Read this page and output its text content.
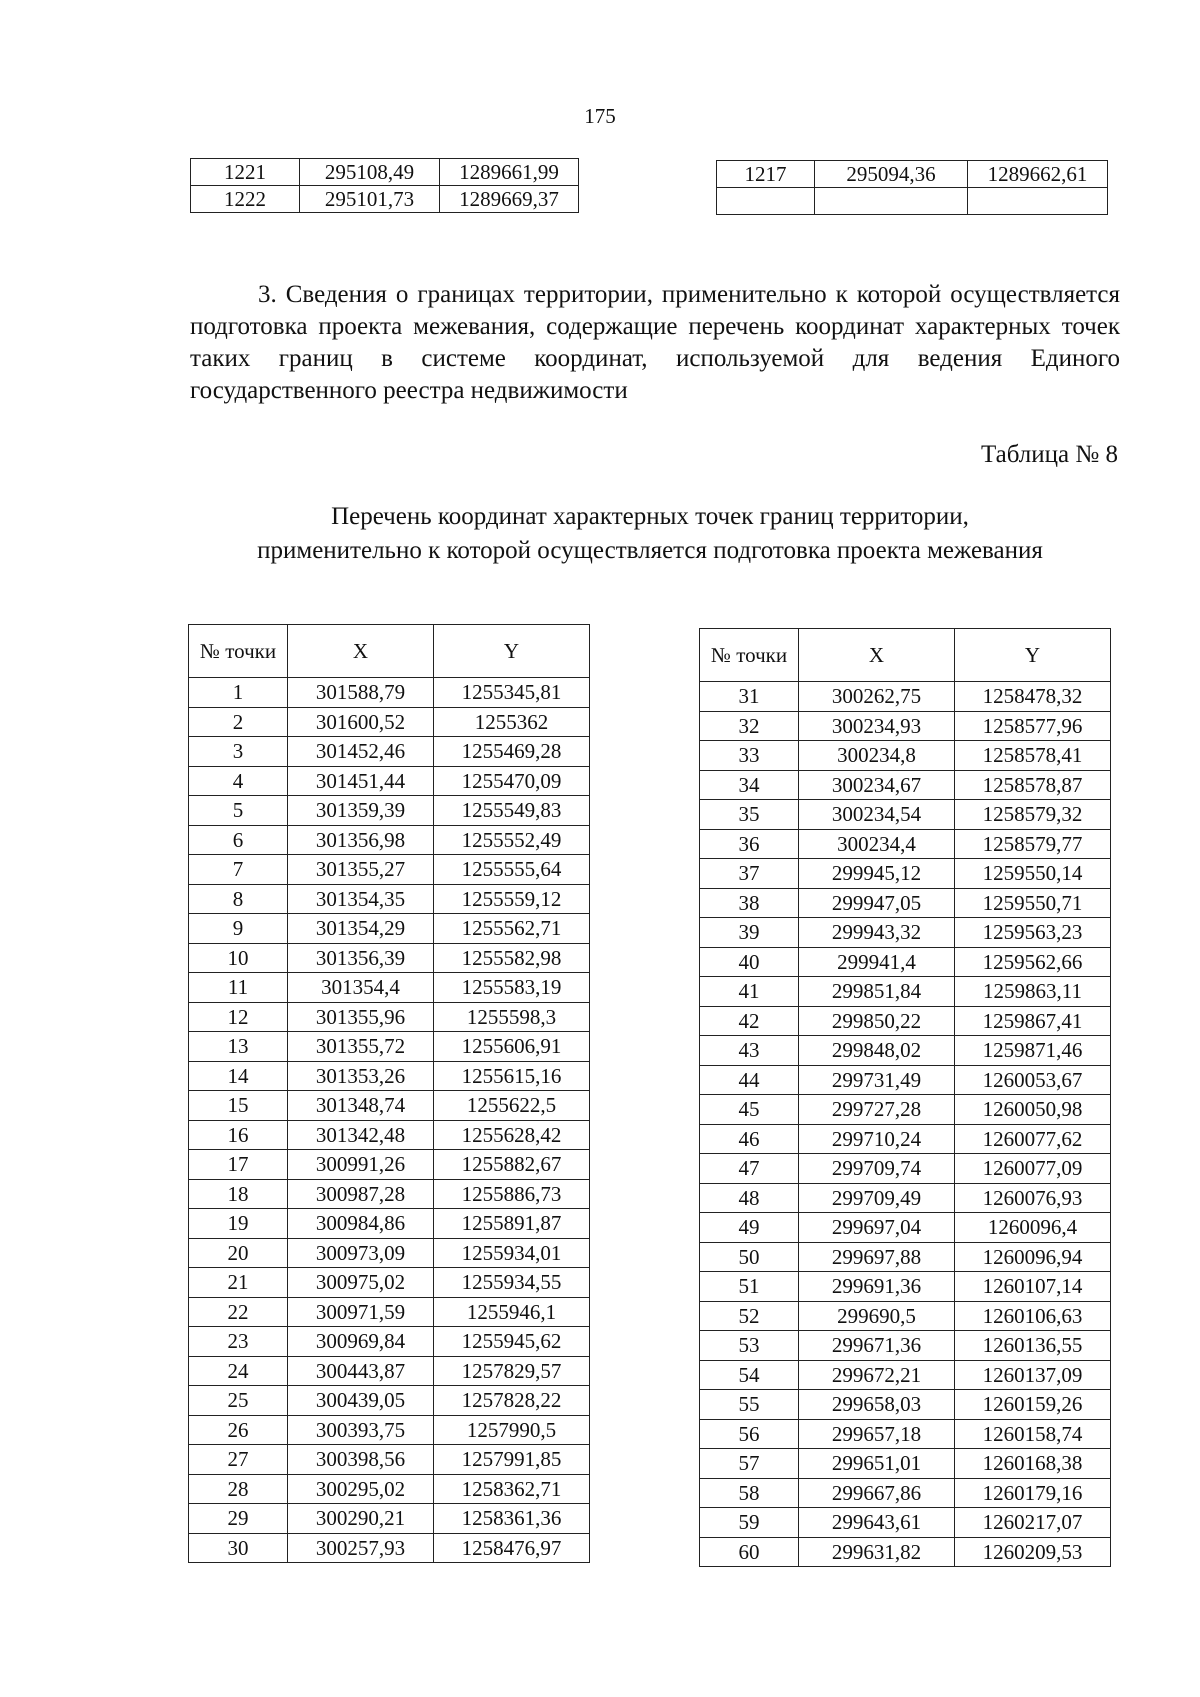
175
1221	295108,49	1289661,99
1222	295101,73	1289669,37
1217	295094,36	1289662,61

3. Сведения о границах территории, применительно к которой осуществляется подготовка проекта межевания, содержащие перечень координат характерных точек таких границ в системе координат, используемой для ведения Единого государственного реестра недвижимости

Таблица № 8
Перечень координат характерных точек границ территории,
применительно к которой осуществляется подготовка проекта межевания
№ точки	X	Y
1	301588,79	1255345,81
2	301600,52	1255362
3	301452,46	1255469,28
4	301451,44	1255470,09
5	301359,39	1255549,83
6	301356,98	1255552,49
7	301355,27	1255555,64
8	301354,35	1255559,12
9	301354,29	1255562,71
10	301356,39	1255582,98
11	301354,4	1255583,19
12	301355,96	1255598,3
13	301355,72	1255606,91
14	301353,26	1255615,16
15	301348,74	1255622,5
16	301342,48	1255628,42
17	300991,26	1255882,67
18	300987,28	1255886,73
19	300984,86	1255891,87
20	300973,09	1255934,01
21	300975,02	1255934,55
22	300971,59	1255946,1
23	300969,84	1255945,62
24	300443,87	1257829,57
25	300439,05	1257828,22
26	300393,75	1257990,5
27	300398,56	1257991,85
28	300295,02	1258362,71
29	300290,21	1258361,36
30	300257,93	1258476,97
№ точки	X	Y
31	300262,75	1258478,32
32	300234,93	1258577,96
33	300234,8	1258578,41
34	300234,67	1258578,87
35	300234,54	1258579,32
36	300234,4	1258579,77
37	299945,12	1259550,14
38	299947,05	1259550,71
39	299943,32	1259563,23
40	299941,4	1259562,66
41	299851,84	1259863,11
42	299850,22	1259867,41
43	299848,02	1259871,46
44	299731,49	1260053,67
45	299727,28	1260050,98
46	299710,24	1260077,62
47	299709,74	1260077,09
48	299709,49	1260076,93
49	299697,04	1260096,4
50	299697,88	1260096,94
51	299691,36	1260107,14
52	299690,5	1260106,63
53	299671,36	1260136,55
54	299672,21	1260137,09
55	299658,03	1260159,26
56	299657,18	1260158,74
57	299651,01	1260168,38
58	299667,86	1260179,16
59	299643,61	1260217,07
60	299631,82	1260209,53
